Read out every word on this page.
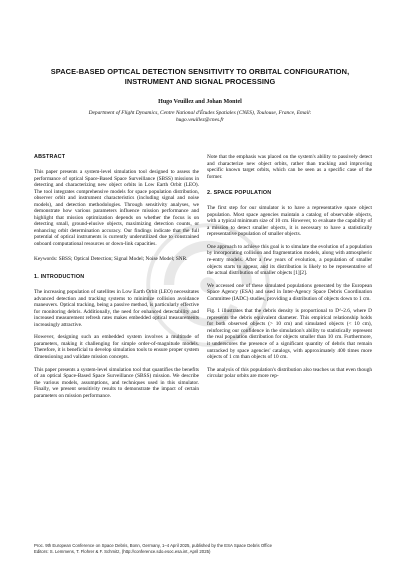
SPACE-BASED OPTICAL DETECTION SENSITIVITY TO ORBITAL CONFIGURATION,
INSTRUMENT AND SIGNAL PROCESSING
Hugo Veuillez and Johan Montel
Department of Flight Dynamics, Centre National d'Études Spatiales (CNES), Toulouse, France, Email:
hugo.veuillez@cnes.fr
ABSTRACT

This paper presents a system-level simulation tool designed to assess the performance of optical Space-Based Space Surveillance (SBSS) missions in detecting and characterizing new object orbits in Low Earth Orbit (LEO). The tool integrates comprehensive models for space population distribution, observer orbit and instrument characteristics (including signal and noise models), and detection methodologies. Through sensitivity analyses, we demonstrate how various parameters influence mission performance and highlight that mission optimization depends on whether the focus is on detecting small, ground-elusive objects, maximizing detection counts, or enhancing orbit determination accuracy. Our findings indicate that the full potential of optical instruments is currently underutilized due to constrained onboard computational resources or down-link capacities.

Keywords: SBSS; Optical Detection; Signal Model; Noise Model; SNR.

1. INTRODUCTION

The increasing population of satellites in Low Earth Orbit (LEO) necessitates advanced detection and tracking systems to minimize collision avoidance maneuvers. Optical tracking, being a passive method, is particularly effective for monitoring debris. Additionally, the need for enhanced detectability and increased measurement refresh rates makes embedded optical measurements increasingly attractive.

However, designing such an embedded system involves a multitude of parameters, making it challenging for simple order-of-magnitude models. Therefore, it is beneficial to develop simulation tools to ensure proper system dimensioning and validate mission concepts.

This paper presents a system-level simulation tool that quantifies the benefits of an optical Space-Based Space Surveillance (SBSS) mission. We describe the various models, assumptions, and techniques used in this simulator. Finally, we present sensitivity results to demonstrate the impact of certain parameters on mission performance.

Note that the emphasis was placed on the system's ability to passively detect and characterize new object orbits, rather than tracking and improving specific known target orbits, which can be seen as a specific case of the former.

2. SPACE POPULATION

The first step for our simulator is to have a representative space object population. Most space agencies maintain a catalog of observable objects, with a typical minimum size of 10 cm. However, to evaluate the capability of a mission to detect smaller objects, it is necessary to have a statistically representative population of smaller objects.

One approach to achieve this goal is to simulate the evolution of a population by incorporating collision and fragmentation models, along with atmospheric re-entry models. After a few years of evolution, a population of smaller objects starts to appear, and its distribution is likely to be representative of the actual distribution of smaller objects [1][2].

We accessed one of these simulated populations generated by the European Space Agency (ESA) and used in Inter-Agency Space Debris Coordination Committee (IADC) studies, providing a distribution of objects down to 1 cm.

Fig. 1 illustrates that the debris density is proportional to D^-2.6, where D represents the debris equivalent diameter. This empirical relationship holds for both observed objects (> 10 cm) and simulated objects (< 10 cm), reinforcing our confidence in the simulation's ability to statistically represent the real population distribution for objects smaller than 10 cm. Furthermore, it underscores the presence of a significant quantity of debris that remain untracked by space agencies' catalogs, with approximately 400 times more objects of 1 cm than objects of 10 cm.

The analysis of this population's distribution also teaches us that even though circular polar orbits are more rep-

Proc. 9th European Conference on Space Debris, Bonn, Germany, 1–4 April 2025, published by the ESA Space Debris Office
Editors: S. Lemmens, T. Flohrer & F. Schmitz, (http://conference.sdo.esoc.esa.int, April 2025)
